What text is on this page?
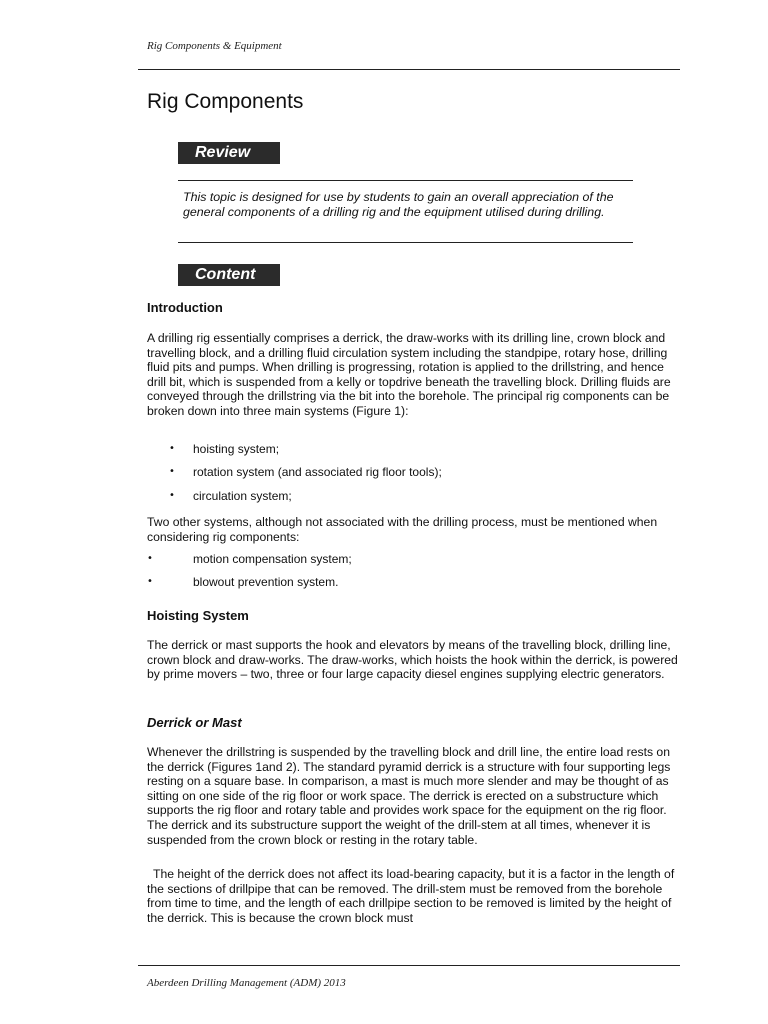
Rig Components & Equipment
Rig Components
Review

This topic is designed for use by students to gain an overall appreciation of the general components of a drilling rig and the equipment utilised during drilling.

Content
Introduction

A drilling rig essentially comprises a derrick, the draw-works with its drilling line, crown block and travelling block, and a drilling fluid circulation system including the standpipe, rotary hose, drilling fluid pits and pumps. When drilling is progressing, rotation is applied to the drillstring, and hence drill bit, which is suspended from a kelly or topdrive beneath the travelling block. Drilling fluids are conveyed through the drillstring via the bit into the borehole. The principal rig components can be broken down into three main systems (Figure 1):

• hoisting system;
• rotation system (and associated rig floor tools);
• circulation system;

Two other systems, although not associated with the drilling process, must be mentioned when considering rig components:

•	motion compensation system;
•	blowout prevention system.
Hoisting System

The derrick or mast supports the hook and elevators by means of the travelling block, drilling line, crown block and draw-works. The draw-works, which hoists the hook within the derrick, is powered by prime movers – two, three or four large capacity diesel engines supplying electric generators.

Derrick or Mast

Whenever the drillstring is suspended by the travelling block and drill line, the entire load rests on the derrick (Figures 1and 2). The standard pyramid derrick is a structure with four supporting legs resting on a square base. In comparison, a mast is much more slender and may be thought of as sitting on one side of the rig floor or work space. The derrick is erected on a substructure which supports the rig floor and rotary table and provides work space for the equipment on the rig floor. The derrick and its substructure support the weight of the drill-stem at all times, whenever it is suspended from the crown block or resting in the rotary table.

The height of the derrick does not affect its load-bearing capacity, but it is a factor in the length of the sections of drillpipe that can be removed. The drill-stem must be removed from the borehole from time to time, and the length of each drillpipe section to be removed is limited by the height of the derrick. This is because the crown block must

Aberdeen Drilling Management (ADM) 2013
